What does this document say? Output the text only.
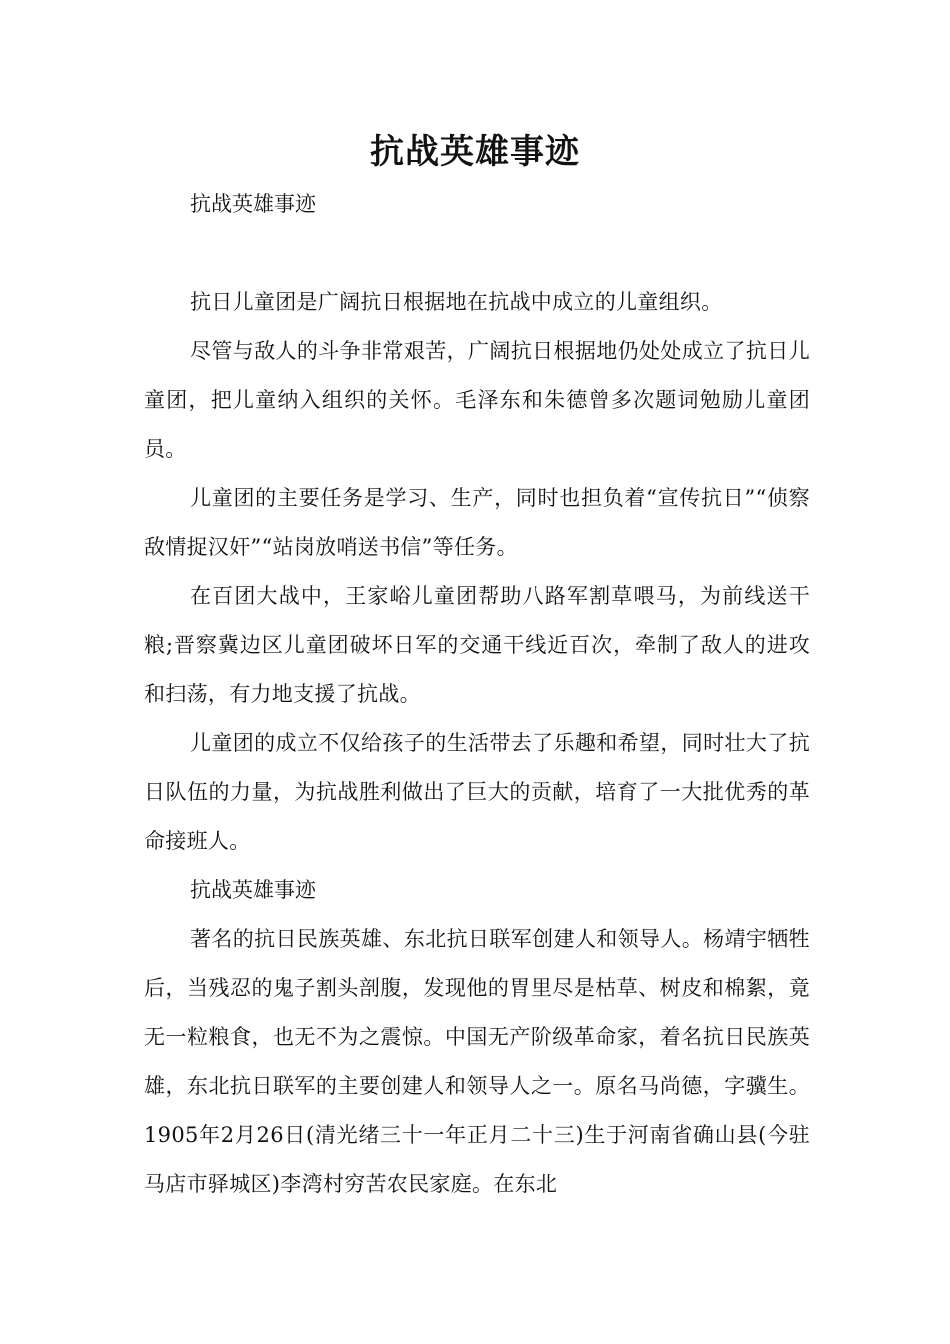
抗战英雄事迹

抗战英雄事迹

抗日儿童团是广阔抗日根据地在抗战中成立的儿童组织。

尽管与敌人的斗争非常艰苦，广阔抗日根据地仍处处成立了抗日儿童团，把儿童纳入组织的关怀。毛泽东和朱德曾多次题词勉励儿童团员。

儿童团的主要任务是学习、生产，同时也担负着“宣传抗日”“侦察敌情捉汉奸”“站岗放哨送书信”等任务。

在百团大战中，王家峪儿童团帮助八路军割草喂马，为前线送干粮;晋察冀边区儿童团破坏日军的交通干线近百次，牵制了敌人的进攻和扫荡，有力地支援了抗战。

儿童团的成立不仅给孩子的生活带去了乐趣和希望，同时壮大了抗日队伍的力量，为抗战胜利做出了巨大的贡献，培育了一大批优秀的革命接班人。

抗战英雄事迹

著名的抗日民族英雄、东北抗日联军创建人和领导人。杨靖宇牺牲后，当残忍的鬼子割头剖腹，发现他的胃里尽是枯草、树皮和棉絮，竟无一粒粮食，也无不为之震惊。中国无产阶级革命家，着名抗日民族英雄，东北抗日联军的主要创建人和领导人之一。原名马尚德，字骥生。1905年2月26日(清光绪三十一年正月二十三)生于河南省确山县(今驻马店市驿城区)李湾村穷苦农民家庭。在东北
